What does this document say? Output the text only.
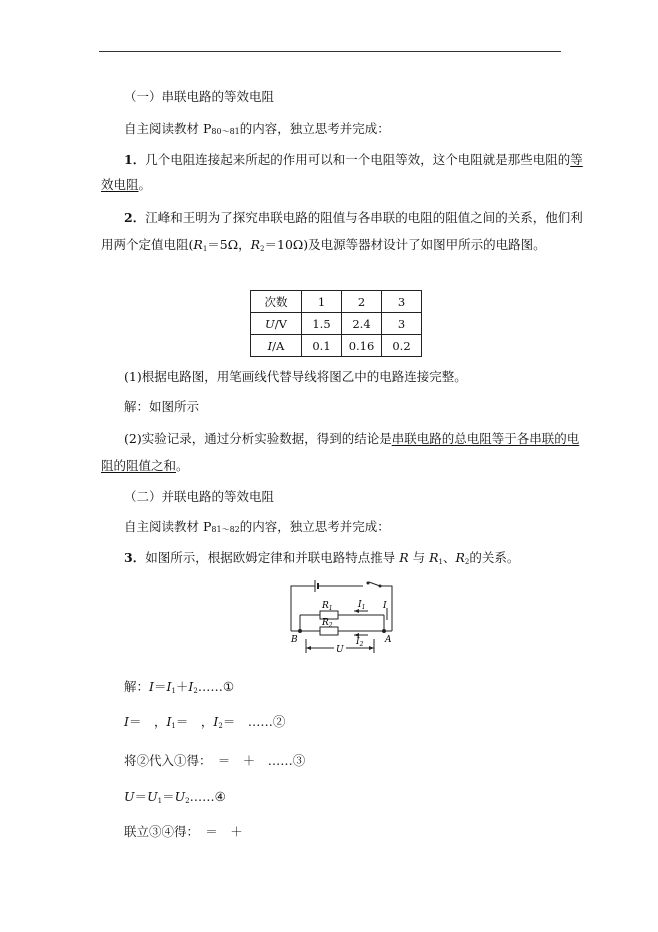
（一）串联电路的等效电阻
自主阅读教材 P80～81的内容，独立思考并完成：
1．几个电阻连接起来所起的作用可以和一个电阻等效，这个电阻就是那些电阻的等
效电阻。
2．江峰和王明为了探究串联电路的阻值与各串联的电阻的阻值之间的关系，他们利
用两个定值电阻($R_1=5\Omega$，$R_2=10\Omega$)及电源等器材设计了如图甲所示的电路图。
次数	1	2	3
U/V	1.5	2.4	3
I/A	0.1	0.16	0.2
(1)根据电路图，用笔画线代替导线将图乙中的电路连接完整。
解：如图所示
(2)实验记录，通过分析实验数据，得到的结论是串联电路的总电阻等于各串联的电
阻的阻值之和。
（二）并联电路的等效电阻
自主阅读教材 P81～82的内容，独立思考并完成：
3．如图所示，根据欧姆定律和并联电路特点推导 R 与 $R_1$、$R_2$的关系。
$R_1$
$R_2$
$I_1$
$I_2$
I
B	A
U
解：$I=I_1+I_2\dots\dots ①$
I＝　，$I_1=$　，$I_2=$　……②
将②代入①得：　＝　＋　……③
$U=U_1=U_2\dots\dots ④$
联立③④得：　＝　＋
